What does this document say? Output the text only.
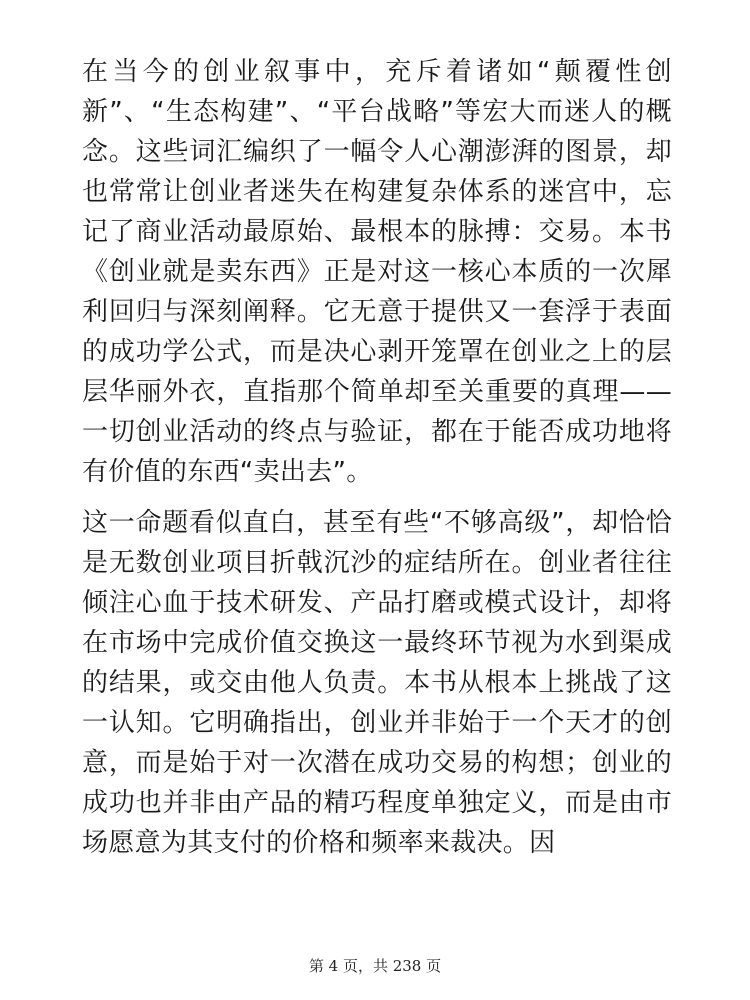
在当今的创业叙事中，充斥着诸如“颠覆性创新”、“生态构建”、“平台战略”等宏大而迷人的概念。这些词汇编织了一幅令人心潮澎湃的图景，却也常常让创业者迷失在构建复杂体系的迷宫中，忘记了商业活动最原始、最根本的脉搏：交易。本书《创业就是卖东西》正是对这一核心本质的一次犀利回归与深刻阐释。它无意于提供又一套浮于表面的成功学公式，而是决心剥开笼罩在创业之上的层层华丽外衣，直指那个简单却至关重要的真理——一切创业活动的终点与验证，都在于能否成功地将有价值的东西“卖出去”。

这一命题看似直白，甚至有些“不够高级”，却恰恰是无数创业项目折戟沉沙的症结所在。创业者往往倾注心血于技术研发、产品打磨或模式设计，却将在市场中完成价值交换这一最终环节视为水到渠成的结果，或交由他人负责。本书从根本上挑战了这一认知。它明确指出，创业并非始于一个天才的创意，而是始于对一次潜在成功交易的构想；创业的成功也并非由产品的精巧程度单独定义，而是由市场愿意为其支付的价格和频率来裁决。因

第 4 页，共 238 页
